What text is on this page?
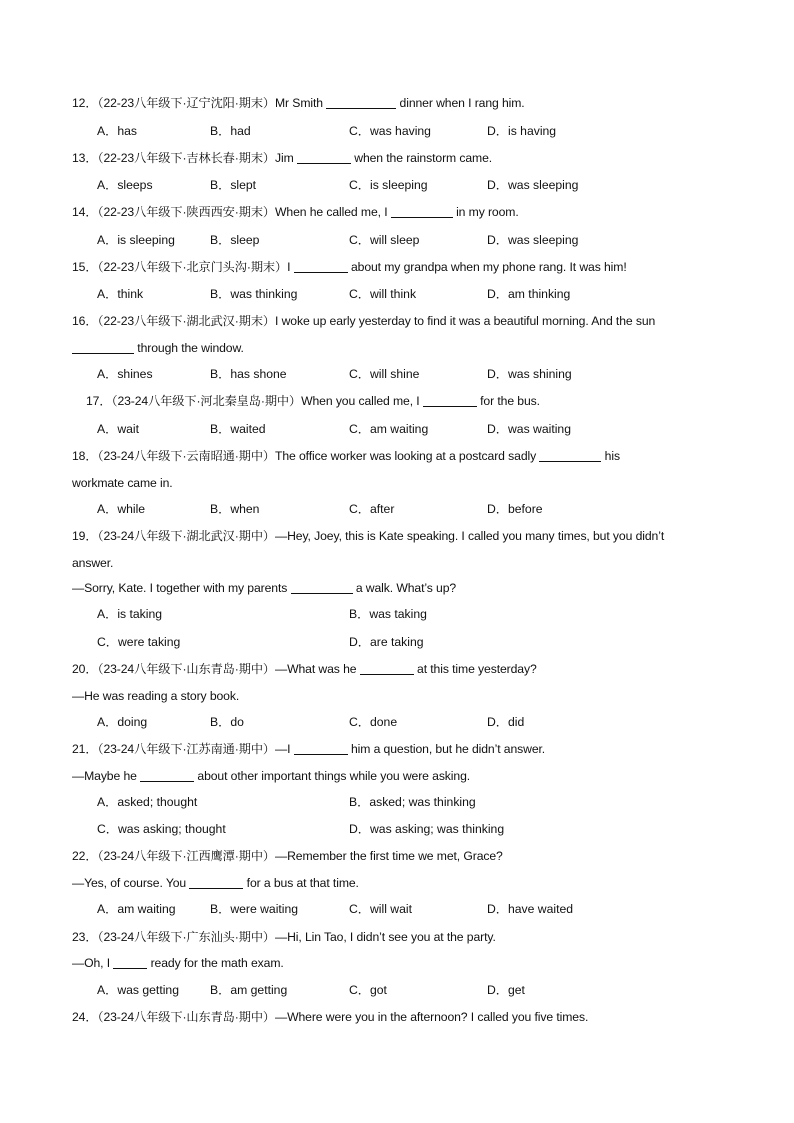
12．（22-23八年级下·辽宁沈阳·期末）Mr Smith	dinner when I rang him.
A．has	B．had	C．was having	D．is having
13．（22-23八年级下·吉林长春·期末）Jim	when the rainstorm came.
A．sleeps	B．slept	C．is sleeping	D．was sleeping
14．（22-23八年级下·陕西西安·期末）When he called me, I	in my room.
A．is sleeping	B．sleep	C．will sleep	D．was sleeping
15．（22-23八年级下·北京门头沟·期末）I	about my grandpa when my phone rang. It was him!
A．think	B．was thinking	C．will think	D．am thinking
16．（22-23八年级下·湖北武汉·期末）I woke up early yesterday to find it was a beautiful morning. And the sun
through the window.
A．shines	B．has shone	C．will shine	D．was shining
17．（23-24八年级下·河北秦皇岛·期中）When you called me, I	for the bus.
A．wait	B．waited	C．am waiting	D．was waiting
18．（23-24八年级下·云南昭通·期中）The office worker was looking at a postcard sadly	his
workmate came in.
A．while	B．when	C．after	D．before
19．（23-24八年级下·湖北武汉·期中）—Hey, Joey, this is Kate speaking. I called you many times, but you didn’t
answer.
—Sorry, Kate. I together with my parents	a walk. What’s up?
A．is taking	B．was taking
C．were taking	D．are taking
20．（23-24八年级下·山东青岛·期中）—What was he	at this time yesterday?
—He was reading a story book.
A．doing	B．do	C．done	D．did
21．（23-24八年级下·江苏南通·期中）—I	him a question, but he didn’t answer.
—Maybe he	about other important things while you were asking.
A．asked; thought	B．asked; was thinking
C．was asking; thought	D．was asking; was thinking
22．（23-24八年级下·江西鹰潭·期中）—Remember the first time we met, Grace?
—Yes, of course. You	for a bus at that time.
A．am waiting	B．were waiting	C．will wait	D．have waited
23．（23-24八年级下·广东汕头·期中）—Hi, Lin Tao, I didn’t see you at the party.
—Oh, I	ready for the math exam.
A．was getting	B．am getting	C．got	D．get
24．（23-24八年级下·山东青岛·期中）—Where were you in the afternoon? I called you five times.
